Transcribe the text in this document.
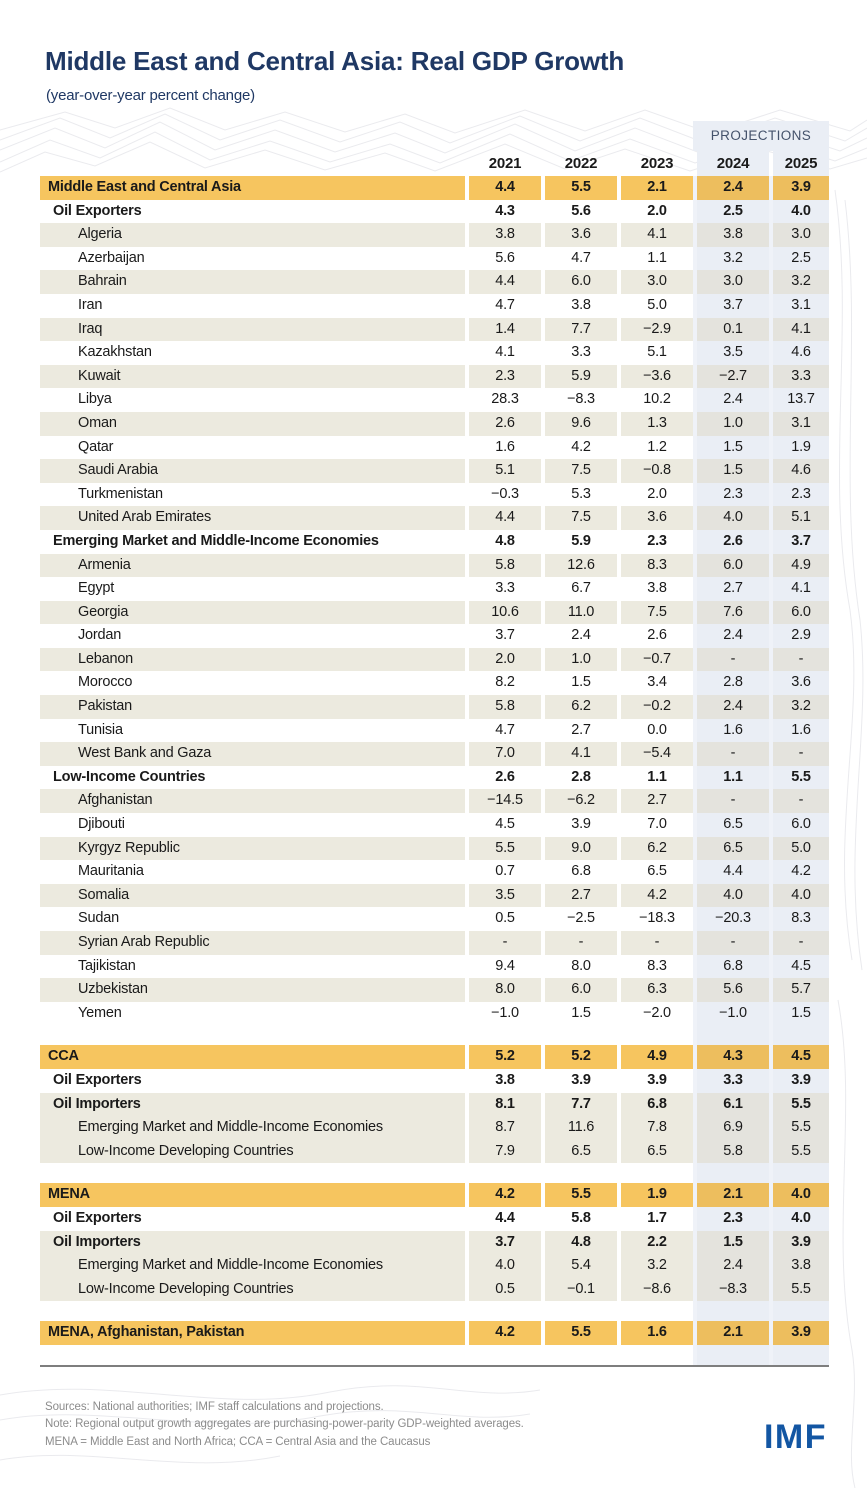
Middle East and Central Asia: Real GDP Growth
(year-over-year percent change)
PROJECTIONS
2021	2022	2023	2024	2025
Middle East and Central Asia	4.4	5.5	2.1	2.4	3.9
Oil Exporters	4.3	5.6	2.0	2.5	4.0
Algeria	3.8	3.6	4.1	3.8	3.0
Azerbaijan	5.6	4.7	1.1	3.2	2.5
Bahrain	4.4	6.0	3.0	3.0	3.2
Iran	4.7	3.8	5.0	3.7	3.1
Iraq	1.4	7.7	−2.9	0.1	4.1
Kazakhstan	4.1	3.3	5.1	3.5	4.6
Kuwait	2.3	5.9	−3.6	−2.7	3.3
Libya	28.3	−8.3	10.2	2.4	13.7
Oman	2.6	9.6	1.3	1.0	3.1
Qatar	1.6	4.2	1.2	1.5	1.9
Saudi Arabia	5.1	7.5	−0.8	1.5	4.6
Turkmenistan	−0.3	5.3	2.0	2.3	2.3
United Arab Emirates	4.4	7.5	3.6	4.0	5.1
Emerging Market and Middle-Income Economies	4.8	5.9	2.3	2.6	3.7
Armenia	5.8	12.6	8.3	6.0	4.9
Egypt	3.3	6.7	3.8	2.7	4.1
Georgia	10.6	11.0	7.5	7.6	6.0
Jordan	3.7	2.4	2.6	2.4	2.9
Lebanon	2.0	1.0	−0.7	-	-
Morocco	8.2	1.5	3.4	2.8	3.6
Pakistan	5.8	6.2	−0.2	2.4	3.2
Tunisia	4.7	2.7	0.0	1.6	1.6
West Bank and Gaza	7.0	4.1	−5.4	-	-
Low-Income Countries	2.6	2.8	1.1	1.1	5.5
Afghanistan	−14.5	−6.2	2.7	-	-
Djibouti	4.5	3.9	7.0	6.5	6.0
Kyrgyz Republic	5.5	9.0	6.2	6.5	5.0
Mauritania	0.7	6.8	6.5	4.4	4.2
Somalia	3.5	2.7	4.2	4.0	4.0
Sudan	0.5	−2.5	−18.3	−20.3	8.3
Syrian Arab Republic	-	-	-	-	-
Tajikistan	9.4	8.0	8.3	6.8	4.5
Uzbekistan	8.0	6.0	6.3	5.6	5.7
Yemen	−1.0	1.5	−2.0	−1.0	1.5
CCA	5.2	5.2	4.9	4.3	4.5
Oil Exporters	3.8	3.9	3.9	3.3	3.9
Oil Importers	8.1	7.7	6.8	6.1	5.5
Emerging Market and Middle-Income Economies	8.7	11.6	7.8	6.9	5.5
Low-Income Developing Countries	7.9	6.5	6.5	5.8	5.5
MENA	4.2	5.5	1.9	2.1	4.0
Oil Exporters	4.4	5.8	1.7	2.3	4.0
Oil Importers	3.7	4.8	2.2	1.5	3.9
Emerging Market and Middle-Income Economies	4.0	5.4	3.2	2.4	3.8
Low-Income Developing Countries	0.5	−0.1	−8.6	−8.3	5.5
MENA, Afghanistan, Pakistan	4.2	5.5	1.6	2.1	3.9
Sources: National authorities; IMF staff calculations and projections.
Note: Regional output growth aggregates are purchasing-power-parity GDP-weighted averages.
MENA = Middle East and North Africa; CCA = Central Asia and the Caucasus	IMF
